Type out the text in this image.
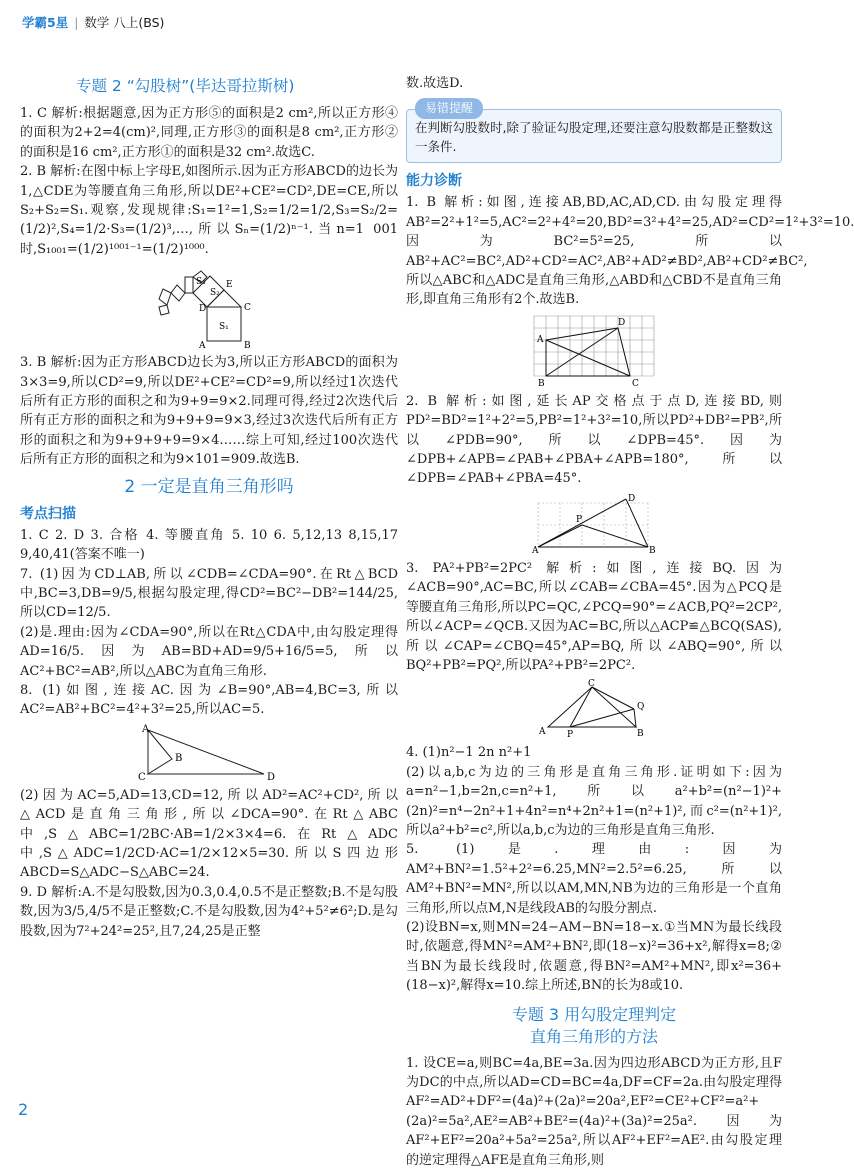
学霸5星 | 数学 八上(BS)
专题 2 “勾股树”(毕达哥拉斯树)

1. C 解析:根据题意,因为正方形⑤的面积是2 cm²,所以正方形④的面积为2+2=4(cm)²,同理,正方形③的面积是8 cm²,正方形②的面积是16 cm²,正方形①的面积是32 cm².故选C.

2. B 解析:在图中标上字母E,如图所示.因为正方形ABCD的边长为1,△CDE为等腰直角三角形,所以DE²+CE²=CD²,DE=CE,所以S₂+S₂=S₁.观察,发现规律:S₁=1²=1,S₂=1/2=1/2,S₃=S₂/2=(1/2)²,S₄=1/2·S₃=(1/2)³,…,所以Sₙ=(1/2)ⁿ⁻¹.当n=1 001时,S₁₀₀₁=(1/2)¹⁰⁰¹⁻¹=(1/2)¹⁰⁰⁰.

S₁
S₂
S₃ E
D	C
A	B

3. B 解析:因为正方形ABCD边长为3,所以正方形ABCD的面积为3×3=9,所以CD²=9,所以DE²+CE²=CD²=9,所以经过1次迭代后所有正方形的面积之和为9+9=9×2.同理可得,经过2次迭代后所有正方形的面积之和为9+9+9=9×3,经过3次迭代后所有正方形的面积之和为9+9+9+9=9×4……综上可知,经过100次迭代后所有正方形的面积之和为9×101=909.故选B.

2 一定是直角三角形吗
考点扫描

1. C 2. D 3. 合格 4. 等腰直角 5. 10 6. 5,12,13 8,15,17 9,40,41(答案不唯一)

7. (1)因为CD⊥AB,所以∠CDB=∠CDA=90°.在Rt△BCD中,BC=3,DB=9/5,根据勾股定理,得CD²=BC²−DB²=144/25,所以CD=12/5.

(2)是.理由:因为∠CDA=90°,所以在Rt△CDA中,由勾股定理得AD=16/5.因为AB=BD+AD=9/5+16/5=5,所以AC²+BC²=AB²,所以△ABC为直角三角形.

8. (1)如图,连接AC.因为∠B=90°,AB=4,BC=3,所以AC²=AB²+BC²=4²+3²=25,所以AC=5.

A
B
C	D

(2)因为AC=5,AD=13,CD=12,所以AD²=AC²+CD²,所以△ACD是直角三角形,所以∠DCA=90°.在Rt△ABC中,S△ABC=1/2BC·AB=1/2×3×4=6.在Rt△ADC中,S△ADC=1/2CD·AC=1/2×12×5=30.所以S四边形ABCD=S△ADC−S△ABC=24.

9. D 解析:A.不是勾股数,因为0.3,0.4,0.5不是正整数;B.不是勾股数,因为3/5,4/5不是正整数;C.不是勾股数,因为4²+5²≠6²;D.是勾股数,因为7²+24²=25²,且7,24,25是正整

数.故选D.

易错提醒

在判断勾股数时,除了验证勾股定理,还要注意勾股数都是正整数这一条件.

能力诊断

1. B 解析:如图,连接AB,BD,AC,AD,CD.由勾股定理得AB²=2²+1²=5,AC²=2²+4²=20,BD²=3²+4²=25,AD²=CD²=1²+3²=10.因为BC²=5²=25,所以AB²+AC²=BC²,AD²+CD²=AC²,AB²+AD²≠BD²,AB²+CD²≠BC²,所以△ABC和△ADC是直角三角形,△ABD和△CBD不是直角三角形,即直角三角形有2个.故选B.

A
B	C
D

2. B 解析:如图,延长AP交格点于点D,连接BD,则PD²=BD²=1²+2²=5,PB²=1²+3²=10,所以PD²+DB²=PB²,所以∠PDB=90°,所以∠DPB=45°.因为∠DPB+∠APB=∠PAB+∠PBA+∠APB=180°,所以∠DPB=∠PAB+∠PBA=45°.

A	B
D
P

3. PA²+PB²=2PC² 解析:如图,连接BQ.因为∠ACB=90°,AC=BC,所以∠CAB=∠CBA=45°.因为△PCQ是等腰直角三角形,所以PC=QC,∠PCQ=90°=∠ACB,PQ²=2CP²,所以∠ACP=∠QCB.又因为AC=BC,所以△ACP≌△BCQ(SAS),所以∠CAP=∠CBQ=45°,AP=BQ,所以∠ABQ=90°,所以BQ²+PB²=PQ²,所以PA²+PB²=2PC².

C
Q
A P	B

4. (1)n²−1 2n n²+1

(2)以a,b,c为边的三角形是直角三角形.证明如下:因为a=n²−1,b=2n,c=n²+1,所以a²+b²=(n²−1)²+(2n)²=n⁴−2n²+1+4n²=n⁴+2n²+1=(n²+1)²,而c²=(n²+1)²,所以a²+b²=c²,所以a,b,c为边的三角形是直角三角形.

5. (1)是.理由:因为AM²+BN²=1.5²+2²=6.25,MN²=2.5²=6.25,所以AM²+BN²=MN²,所以以AM,MN,NB为边的三角形是一个直角三角形,所以点M,N是线段AB的勾股分割点.

(2)设BN=x,则MN=24−AM−BN=18−x.①当MN为最长线段时,依题意,得MN²=AM²+BN²,即(18−x)²=36+x²,解得x=8;②当BN为最长线段时,依题意,得BN²=AM²+MN²,即x²=36+(18−x)²,解得x=10.综上所述,BN的长为8或10.

专题 3 用勾股定理判定
直角三角形的方法

1. 设CE=a,则BC=4a,BE=3a.因为四边形ABCD为正方形,且F为DC的中点,所以AD=CD=BC=4a,DF=CF=2a.由勾股定理得AF²=AD²+DF²=(4a)²+(2a)²=20a²,EF²=CE²+CF²=a²+(2a)²=5a²,AE²=AB²+BE²=(4a)²+(3a)²=25a².因为AF²+EF²=20a²+5a²=25a²,所以AF²+EF²=AE².由勾股定理的逆定理得△AFE是直角三角形,则

2
